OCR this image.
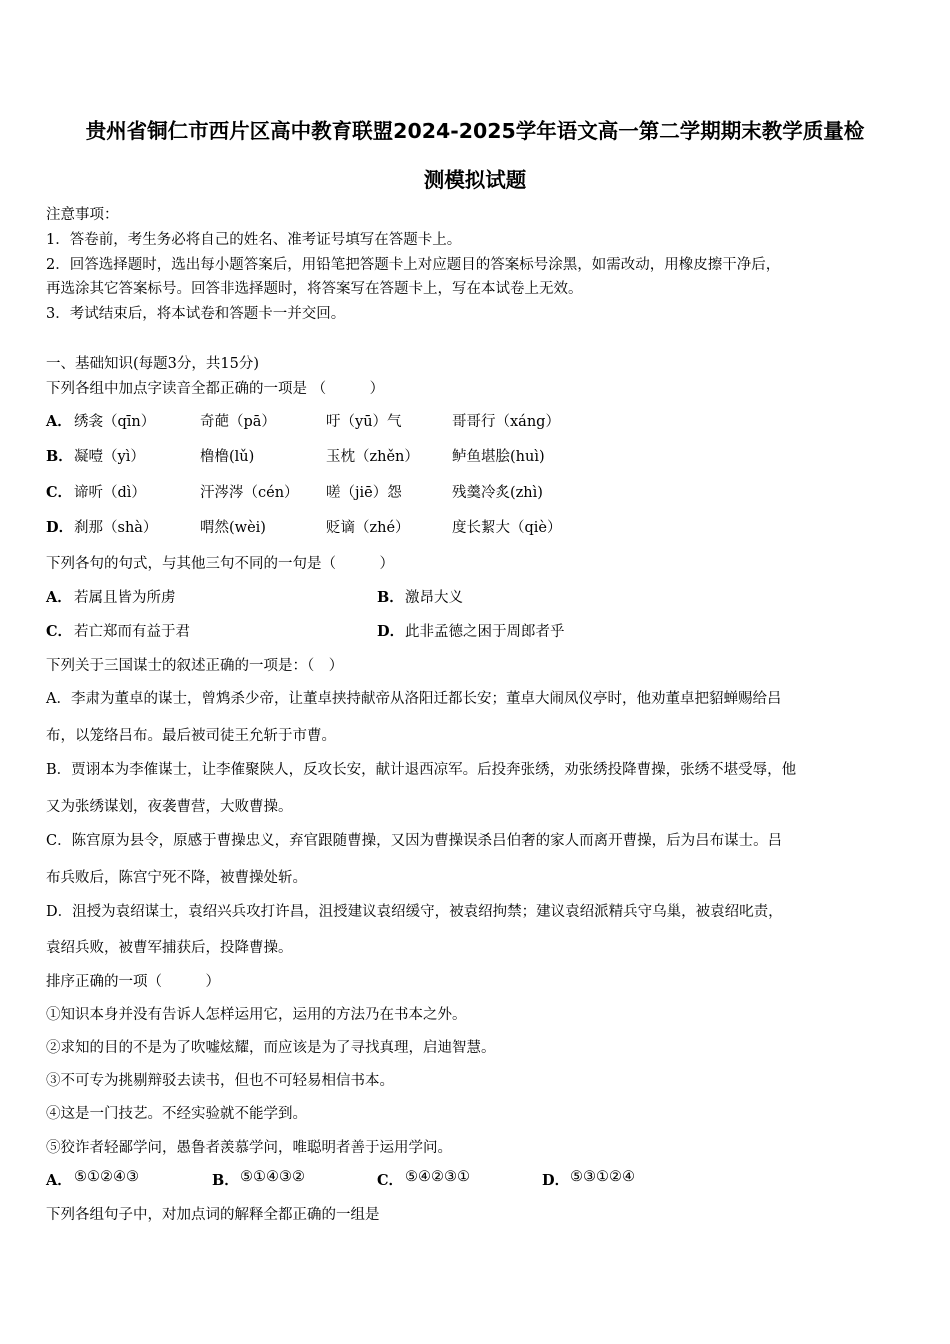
贵州省铜仁市西片区高中教育联盟2024-2025学年语文高一第二学期期末教学质量检
测模拟试题
注意事项：
1．答卷前，考生务必将自己的姓名、准考证号填写在答题卡上。
2．回答选择题时，选出每小题答案后，用铅笔把答题卡上对应题目的答案标号涂黑，如需改动，用橡皮擦干净后，
再选涂其它答案标号。回答非选择题时，将答案写在答题卡上，写在本试卷上无效。
3．考试结束后，将本试卷和答题卡一并交回。
一、基础知识(每题3分，共15分)
下列各组中加点字读音全都正确的一项是 （　　　）
A． 绣衾（qīn）	奇葩（pā）	吁（yū）气	哥哥行（xáng）
B． 凝噎（yì）	橹橹(lǔ)	玉枕（zhěn） 鲈鱼堪脍(huì)
C． 谛听（dì）	汗涔涔（cén） 嗟（jiē）怨	残羹冷炙(zhì)
D． 刹那（shà）	喟然(wèi)	贬谪（zhé）	度长絜大（qiè）
下列各句的句式，与其他三句不同的一句是（　　　）
A． 若属且皆为所虏	B． 激昂大义
C． 若亡郑而有益于君	D． 此非孟德之困于周郎者乎
下列关于三国谋士的叙述正确的一项是：（　）
A．李肃为董卓的谋士，曾鸩杀少帝，让董卓挟持献帝从洛阳迁都长安；董卓大闹凤仪亭时，他劝董卓把貂蝉赐给吕
布，以笼络吕布。最后被司徒王允斩于市曹。
B．贾诩本为李傕谋士，让李傕聚陕人，反攻长安，献计退西凉军。后投奔张绣，劝张绣投降曹操，张绣不堪受辱，他
又为张绣谋划，夜袭曹营，大败曹操。
C．陈宫原为县令，原感于曹操忠义，弃官跟随曹操，又因为曹操误杀吕伯奢的家人而离开曹操，后为吕布谋士。吕
布兵败后，陈宫宁死不降，被曹操处斩。
D．沮授为袁绍谋士，袁绍兴兵攻打许昌，沮授建议袁绍缓守，被袁绍拘禁；建议袁绍派精兵守乌巢，被袁绍叱责，
袁绍兵败，被曹军捕获后，投降曹操。
排序正确的一项（　　　）
①知识本身并没有告诉人怎样运用它，运用的方法乃在书本之外。
②求知的目的不是为了吹嘘炫耀，而应该是为了寻找真理，启迪智慧。
③不可专为挑剔辩驳去读书，但也不可轻易相信书本。
④这是一门技艺。不经实验就不能学到。
⑤狡诈者轻鄙学问，愚鲁者羡慕学问，唯聪明者善于运用学问。
A． ⑤①②④③	B． ⑤①④③②	C． ⑤④②③①	D． ⑤③①②④
下列各组句子中，对加点词的解释全都正确的一组是
